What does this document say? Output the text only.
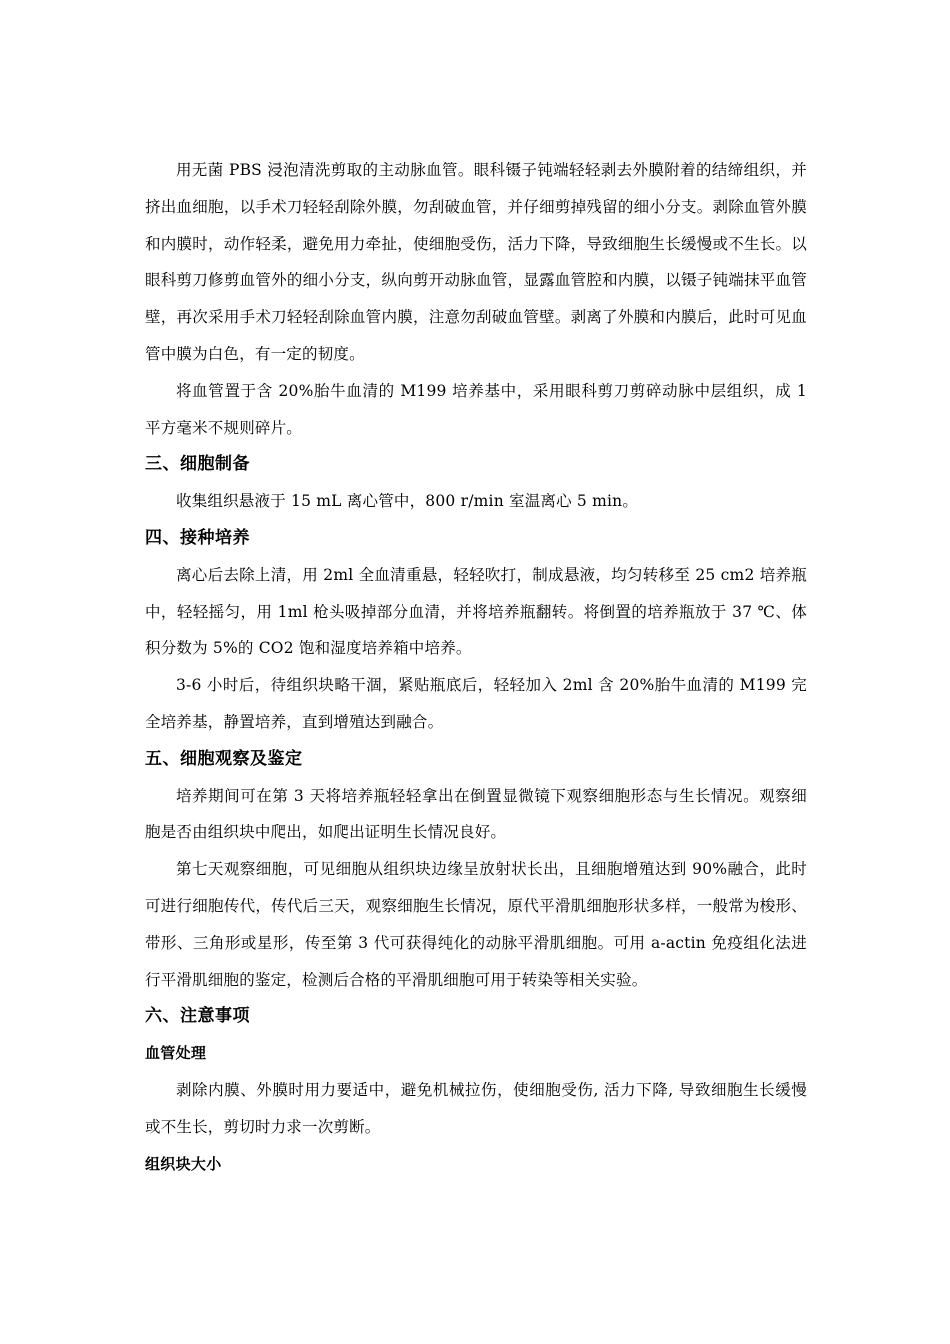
用无菌 PBS 浸泡清洗剪取的主动脉血管。眼科镊子钝端轻轻剥去外膜附着的结缔组织，并挤出血细胞，以手术刀轻轻刮除外膜，勿刮破血管，并仔细剪掉残留的细小分支。剥除血管外膜和内膜时，动作轻柔，避免用力牵扯，使细胞受伤，活力下降，导致细胞生长缓慢或不生长。以眼科剪刀修剪血管外的细小分支，纵向剪开动脉血管，显露血管腔和内膜，以镊子钝端抹平血管壁，再次采用手术刀轻轻刮除血管内膜，注意勿刮破血管壁。剥离了外膜和内膜后，此时可见血管中膜为白色，有一定的韧度。

将血管置于含 20%胎牛血清的 M199 培养基中，采用眼科剪刀剪碎动脉中层组织，成 1 平方毫米不规则碎片。

三、细胞制备

收集组织悬液于 15 mL 离心管中，800 r/min 室温离心 5 min。

四、接种培养

离心后去除上清，用 2ml 全血清重悬，轻轻吹打，制成悬液，均匀转移至 25 cm2 培养瓶中，轻轻摇匀，用 1ml 枪头吸掉部分血清，并将培养瓶翻转。将倒置的培养瓶放于 37 ℃、体积分数为 5%的 CO2 饱和湿度培养箱中培养。

3-6 小时后，待组织块略干涸，紧贴瓶底后，轻轻加入 2ml 含 20%胎牛血清的 M199 完全培养基，静置培养，直到增殖达到融合。

五、细胞观察及鉴定

培养期间可在第 3 天将培养瓶轻轻拿出在倒置显微镜下观察细胞形态与生长情况。观察细胞是否由组织块中爬出，如爬出证明生长情况良好。

第七天观察细胞，可见细胞从组织块边缘呈放射状长出，且细胞增殖达到 90%融合，此时可进行细胞传代，传代后三天，观察细胞生长情况，原代平滑肌细胞形状多样，一般常为梭形、带形、三角形或星形，传至第 3 代可获得纯化的动脉平滑肌细胞。可用 a-actin 免疫组化法进行平滑肌细胞的鉴定，检测后合格的平滑肌细胞可用于转染等相关实验。

六、注意事项
血管处理

剥除内膜、外膜时用力要适中，避免机械拉伤，使细胞受伤, 活力下降, 导致细胞生长缓慢或不生长，剪切时力求一次剪断。

组织块大小
